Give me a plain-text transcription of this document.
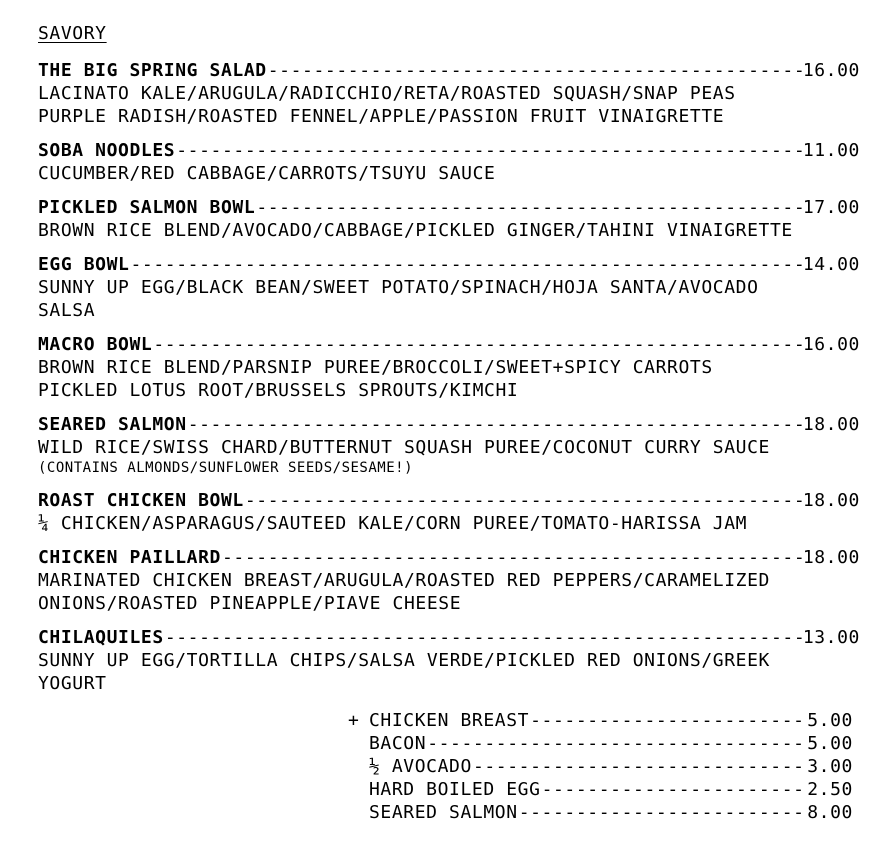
SAVORY
THE BIG SPRING SALAD -----	16.00
LACINATO KALE/ARUGULA/RADICCHIO/RETA/ROASTED SQUASH/SNAP PEAS
PURPLE RADISH/ROASTED FENNEL/APPLE/PASSION FRUIT VINAIGRETTE
SOBA NOODLES -----	11.00
CUCUMBER/RED CABBAGE/CARROTS/TSUYU SAUCE
PICKLED SALMON BOWL -----	17.00
BROWN RICE BLEND/AVOCADO/CABBAGE/PICKLED GINGER/TAHINI VINAIGRETTE
EGG BOWL -----	14.00
SUNNY UP EGG/BLACK BEAN/SWEET POTATO/SPINACH/HOJA SANTA/AVOCADO
SALSA
MACRO BOWL -----	16.00
BROWN RICE BLEND/PARSNIP PUREE/BROCCOLI/SWEET+SPICY CARROTS
PICKLED LOTUS ROOT/BRUSSELS SPROUTS/KIMCHI
SEARED SALMON -----	18.00
WILD RICE/SWISS CHARD/BUTTERNUT SQUASH PUREE/COCONUT CURRY SAUCE
(CONTAINS ALMONDS/SUNFLOWER SEEDS/SESAME!)
ROAST CHICKEN BOWL -----	18.00
¼ CHICKEN/ASPARAGUS/SAUTEED KALE/CORN PUREE/TOMATO-HARISSA JAM
CHICKEN PAILLARD -----	18.00
MARINATED CHICKEN BREAST/ARUGULA/ROASTED RED PEPPERS/CARAMELIZED
ONIONS/ROASTED PINEAPPLE/PIAVE CHEESE
CHILAQUILES -----	13.00
SUNNY UP EGG/TORTILLA CHIPS/SALSA VERDE/PICKLED RED ONIONS/GREEK
YOGURT
+ CHICKEN BREAST -----	5.00
BACON -----	5.00
½ AVOCADO -----	3.00
HARD BOILED EGG -----	2.50
SEARED SALMON -----	8.00
